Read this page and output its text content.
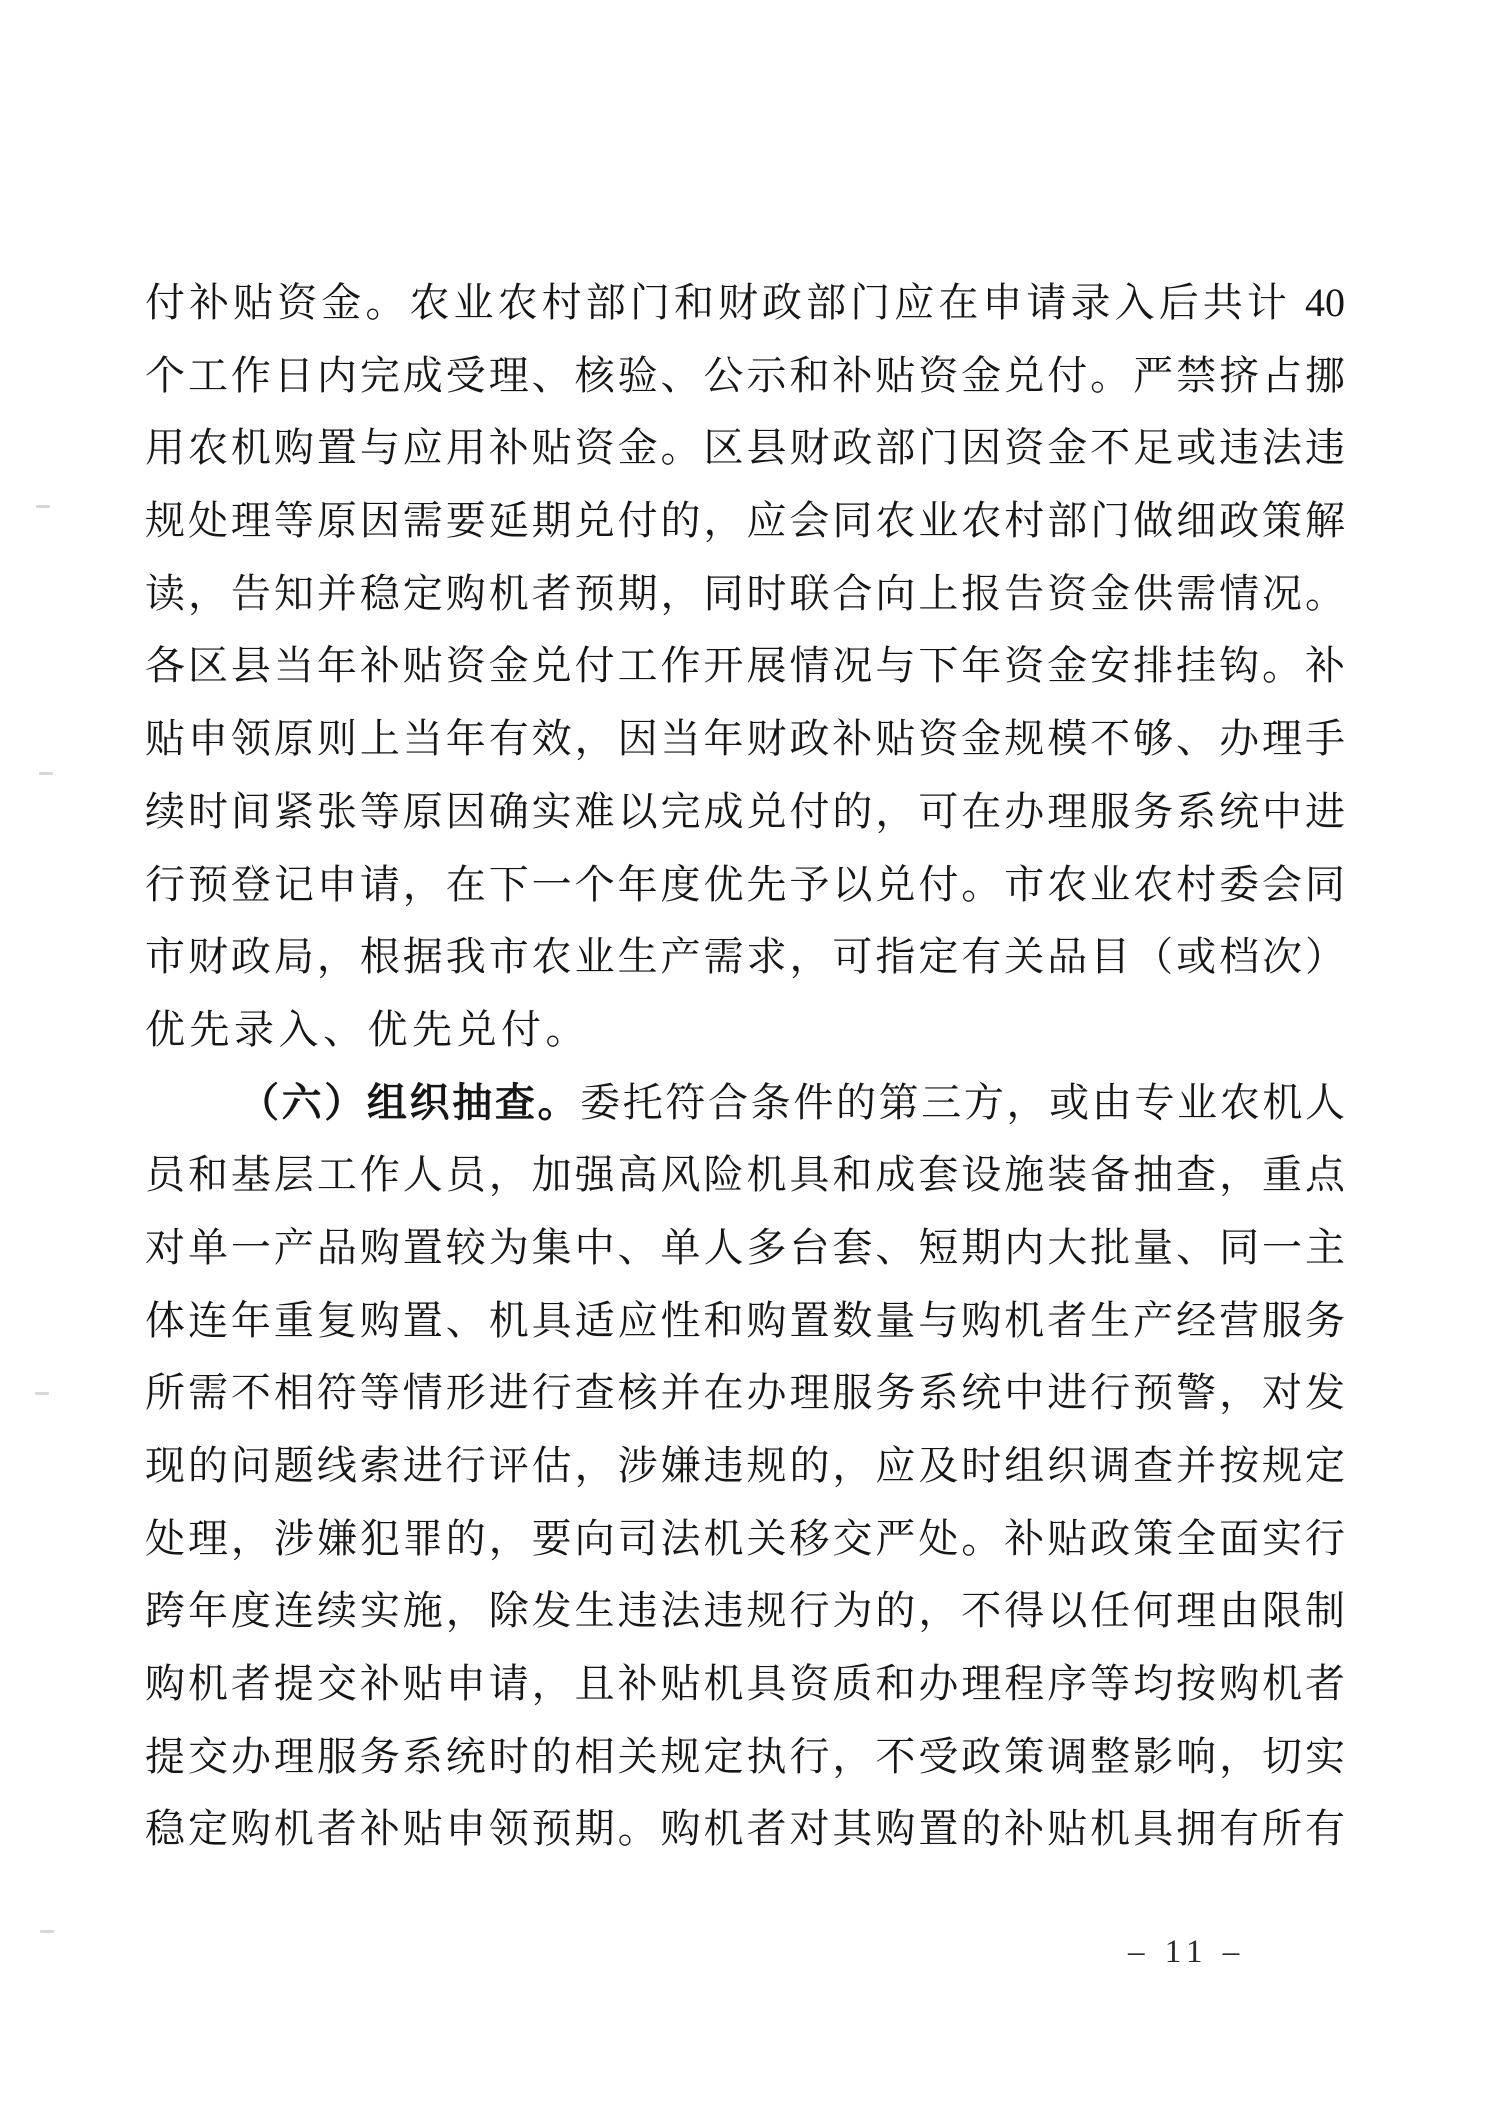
付补贴资金。农业农村部门和财政部门应在申请录入后共计 40
个工作日内完成受理、核验、公示和补贴资金兑付。严禁挤占挪
用农机购置与应用补贴资金。区县财政部门因资金不足或违法违
规处理等原因需要延期兑付的，应会同农业农村部门做细政策解
读，告知并稳定购机者预期，同时联合向上报告资金供需情况。
各区县当年补贴资金兑付工作开展情况与下年资金安排挂钩。补
贴申领原则上当年有效，因当年财政补贴资金规模不够、办理手
续时间紧张等原因确实难以完成兑付的，可在办理服务系统中进
行预登记申请，在下一个年度优先予以兑付。市农业农村委会同
市财政局，根据我市农业生产需求，可指定有关品目（或档次）
优先录入、优先兑付。
（六）组织抽查。委托符合条件的第三方，或由专业农机人
员和基层工作人员，加强高风险机具和成套设施装备抽查，重点
对单一产品购置较为集中、单人多台套、短期内大批量、同一主
体连年重复购置、机具适应性和购置数量与购机者生产经营服务
所需不相符等情形进行查核并在办理服务系统中进行预警，对发
现的问题线索进行评估，涉嫌违规的，应及时组织调查并按规定
处理，涉嫌犯罪的，要向司法机关移交严处。补贴政策全面实行
跨年度连续实施，除发生违法违规行为的，不得以任何理由限制
购机者提交补贴申请，且补贴机具资质和办理程序等均按购机者
提交办理服务系统时的相关规定执行，不受政策调整影响，切实
稳定购机者补贴申领预期。购机者对其购置的补贴机具拥有所有
– 11 –
